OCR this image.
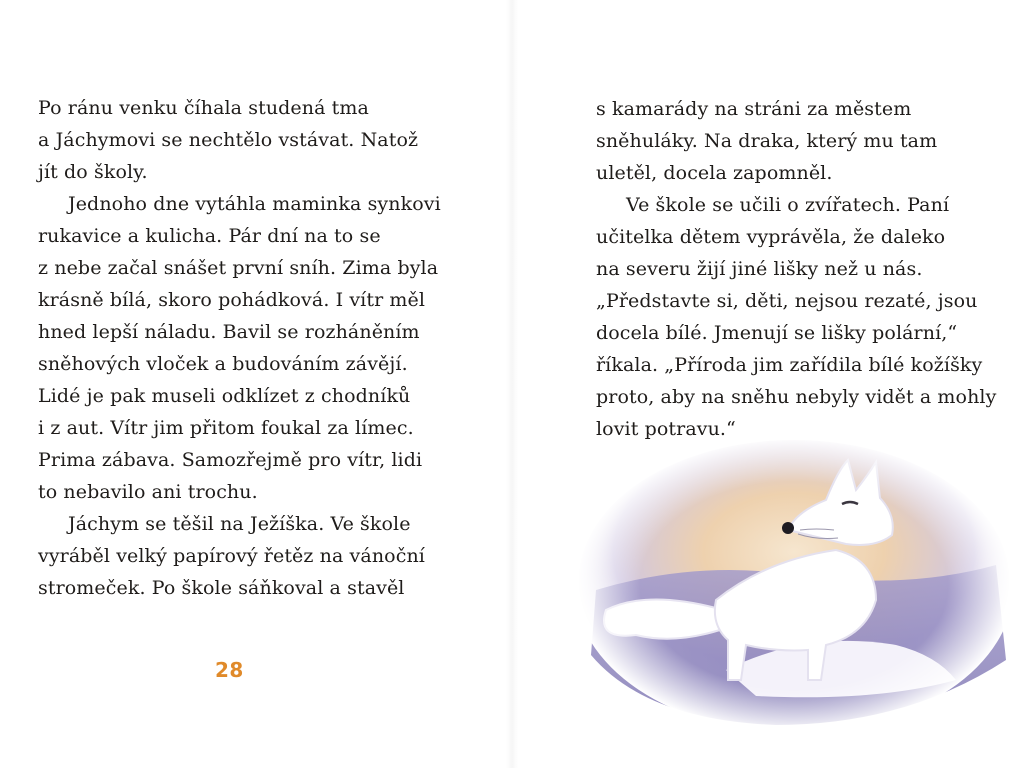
Po ránu venku číhala studená tma
a Jáchymovi se nechtělo vstávat. Natož
jít do školy.
Jednoho dne vytáhla maminka synkovi
rukavice a kulicha. Pár dní na to se
z nebe začal snášet první sníh. Zima byla
krásně bílá, skoro pohádková. I vítr měl
hned lepší náladu. Bavil se rozháněním
sněhových vloček a budováním závějí.
Lidé je pak museli odklízet z chodníků
i z aut. Vítr jim přitom foukal za límec.
Prima zábava. Samozřejmě pro vítr, lidi
to nebavilo ani trochu.
Jáchym se těšil na Ježíška. Ve škole
vyráběl velký papírový řetěz na vánoční
stromeček. Po škole sáňkoval a stavěl
28
s kamarády na stráni za městem
sněhuláky. Na draka, který mu tam
uletěl, docela zapomněl.
Ve škole se učili o zvířatech. Paní
učitelka dětem vyprávěla, že daleko
na severu žijí jiné lišky než u nás.
„Představte si, děti, nejsou rezaté, jsou
docela bílé. Jmenují se lišky polární,“
říkala. „Příroda jim zařídila bílé kožíšky
proto, aby na sněhu nebyly vidět a mohly
lovit potravu.“
